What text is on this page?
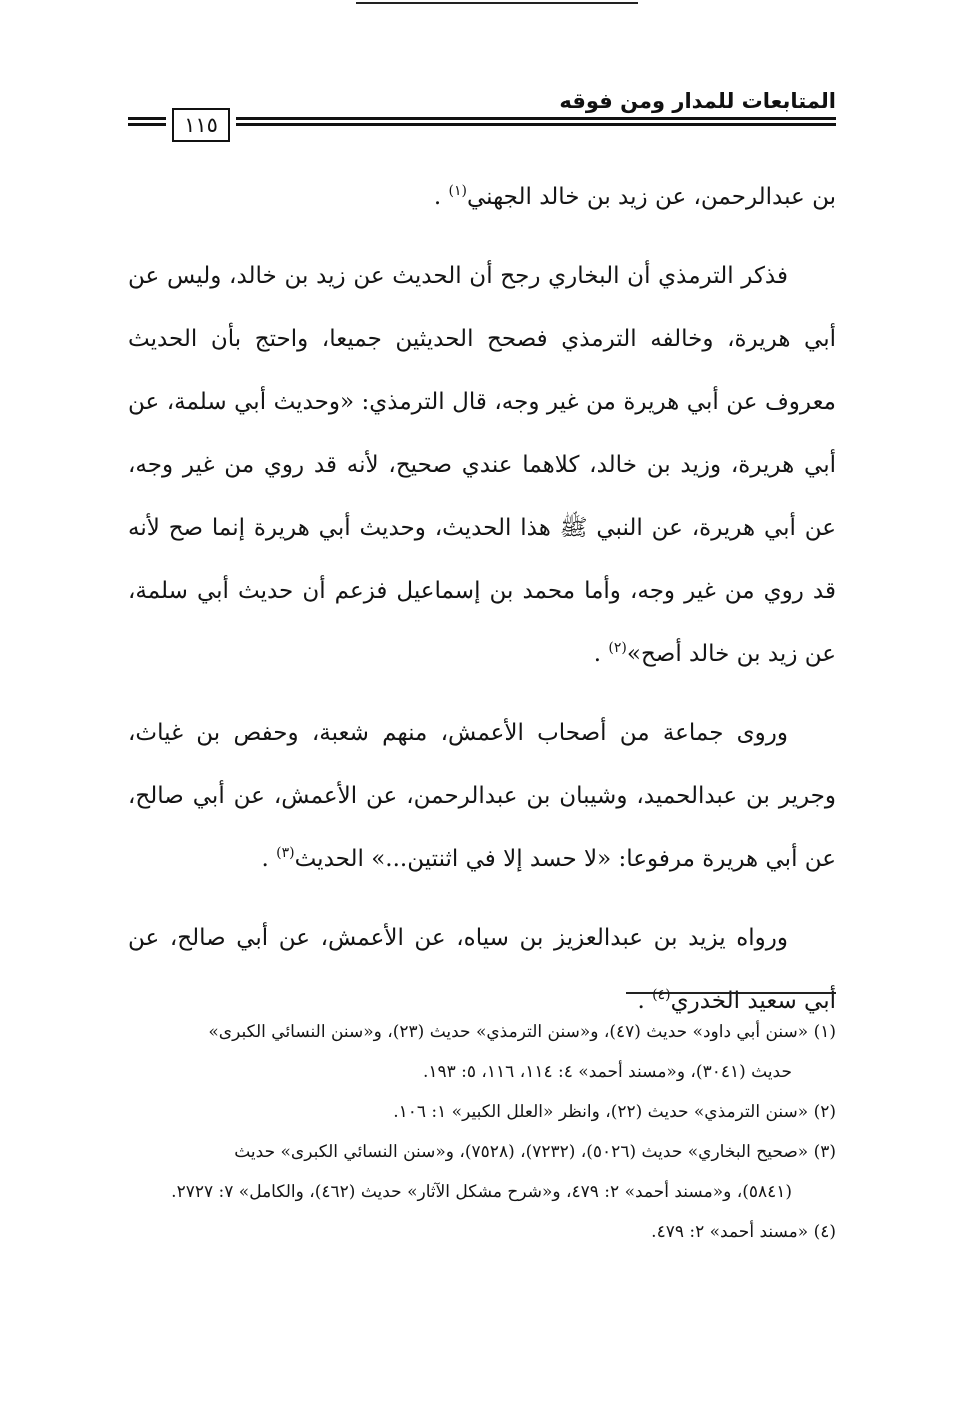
المتابعات للمدار ومن فوقه
١١٥

بن عبدالرحمن، عن زيد بن خالد الجهني$^{(١)}$ .

فذكر الترمذي أن البخاري رجح أن الحديث عن زيد بن خالد، وليس عن أبي هريرة، وخالفه الترمذي فصحح الحديثين جميعا، واحتج بأن الحديث معروف عن أبي هريرة من غير وجه، قال الترمذي: «وحديث أبي سلمة، عن أبي هريرة، وزيد بن خالد، كلاهما عندي صحيح، لأنه قد روي من غير وجه، عن أبي هريرة، عن النبي ﷺ هذا الحديث، وحديث أبي هريرة إنما صح لأنه قد روي من غير وجه، وأما محمد بن إسماعيل فزعم أن حديث أبي سلمة، عن زيد بن خالد أصح»$^{(٢)}$ .

وروى جماعة من أصحاب الأعمش، منهم شعبة، وحفص بن غياث، وجرير بن عبدالحميد، وشيبان بن عبدالرحمن، عن الأعمش، عن أبي صالح، عن أبي هريرة مرفوعا: «لا حسد إلا في اثنتين...» الحديث$^{(٣)}$ .

ورواه يزيد بن عبدالعزيز بن سياه، عن الأعمش، عن أبي صالح، عن أبي سعيد الخدري$^{(٤)}$ .

(١) «سنن أبي داود» حديث (٤٧)، و«سنن الترمذي» حديث (٢٣)، و«سنن النسائي الكبرى»

حديث (٣٠٤١)، و«مسند أحمد» ٤: ١١٤، ١١٦، ٥: ١٩٣.

(٢) «سنن الترمذي» حديث (٢٢)، وانظر «العلل الكبير» ١: ١٠٦.

(٣) «صحيح البخاري» حديث (٥٠٢٦)، (٧٢٣٢)، (٧٥٢٨)، و«سنن النسائي الكبرى» حديث

(٥٨٤١)، و«مسند أحمد» ٢: ٤٧٩، و«شرح مشكل الآثار» حديث (٤٦٢)، والكامل» ٧: ٢٧٢٧.

(٤) «مسند أحمد» ٢: ٤٧٩.
